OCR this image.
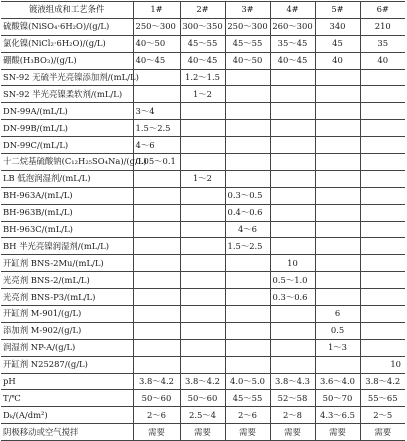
镀液组成和工艺条件	1#	2#	3#	4#	5#	6#
硫酸镍(NiSO₄·6H₂O)/(g/L)	250～300	300～350	250～300	260～300	340	210
氯化镍(NiCl₂·6H₂O)/(g/L)	40～50	45～55	45～55	35～45	45	35
硼酸(H₃BO₃)/(g/L)	40～45	40～45	40～50	40～45	40	40
SN-92 无硫半光亮镍添加剂/(mL/L)		1.2～1.5				
SN-92 半光亮镍柔软剂/(mL/L)		1～2				
DN-99A/(mL/L)	3～4					
DN-99B/(mL/L)	1.5～2.5					
DN-99C/(mL/L)	4～6					
十二烷基硫酸钠(C₁₂H₂₅SO₄Na)/(g/L)	0.05～0.1					
LB 低泡润湿剂/(mL/L)		1～2				
BH-963A/(mL/L)			0.3～0.5			
BH-963B/(mL/L)			0.4～0.6			
BH-963C/(mL/L)			4～6			
BH 半光亮镍润湿剂/(mL/L)			1.5～2.5			
开缸剂 BNS-2Mu/(mL/L)				10		
光亮剂 BNS-2/(mL/L)				0.5～1.0		
光亮剂 BNS-P3/(mL/L)				0.3～0.6		
开缸剂 M-901/(g/L)					6	
添加剂 M-902/(g/L)					0.5	
润湿剂 NP-A/(g/L)					1～3	
开缸剂 N25287/(g/L)						10
pH	3.8～4.2	3.8～4.2	4.0～5.0	3.8～4.3	3.6～4.0	3.8～4.2
T/℃	50～60	50～60	45～55	52～58	50～70	55～65
Dₖ/(A/dm²)	2～6	2.5～4	2～6	2～8	4.3～6.5	2～5
阴极移动或空气搅拌	需要	需要	需要	需要	需要	需要
